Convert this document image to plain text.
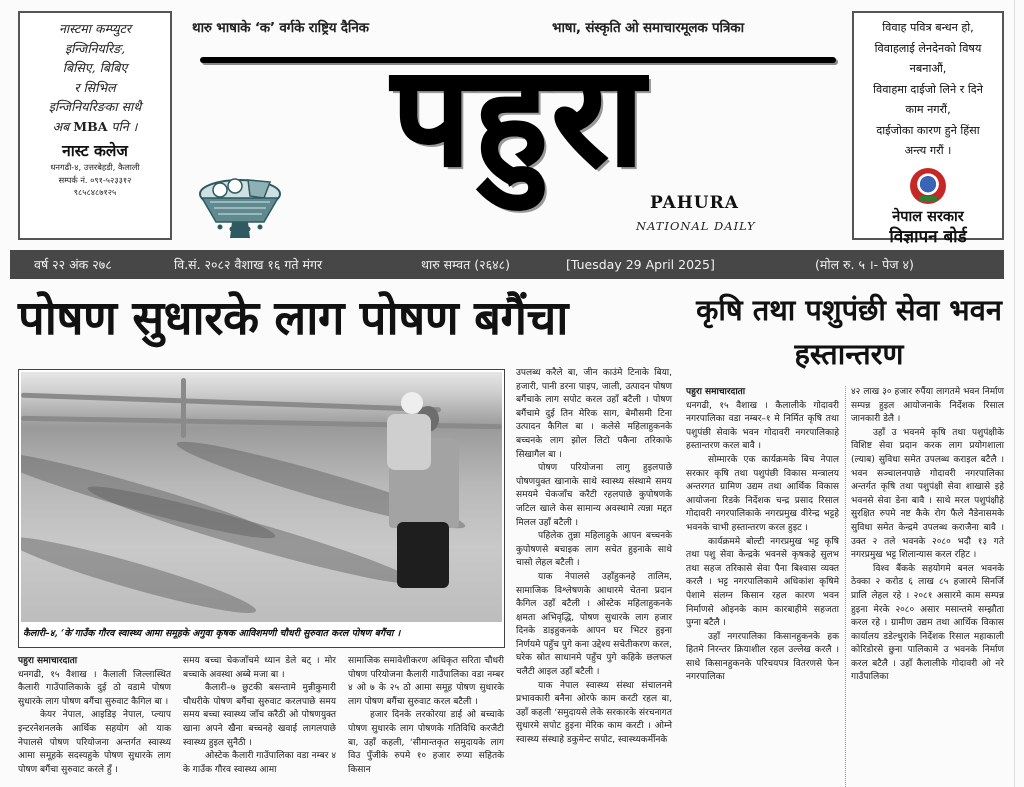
नास्टमा कम्प्युटर
इन्जिनियरिङ,
बिसिए, बिबिए
र सिभिल
इन्जिनियरिङका साथै
अब MBA पनि ।
नास्ट कलेज
धनगढी-४, उत्तरबेहडी, कैलाली
सम्पर्क नं. ०९१-५२३३१२
९८५८४८७१२५
विवाह पवित्र बन्धन हो,
विवाहलाई लेनदेनको विषय
नबनाऔं,
विवाहमा दाईजो लिने र दिने
काम नगरौं,
दाईजोका कारण हुने हिंसा
अन्त्य गरौं ।
नेपाल सरकार
विज्ञापन बोर्ड
थारु भाषाके ‘क’ वर्गके राष्ट्रिय दैनिक	भाषा, संस्कृति ओ समाचारमूलक पत्रिका
पहुरा
PAHURA
NATIONAL DAILY
वर्ष २२ अंक २७८	वि.सं. २०८२ वैशाख १६ गते मंगर	थारु सम्वत (२६४८)	[Tuesday 29 April 2025]	(मोल रु. ५ ।- पेज ४)
पोषण सुधारके लाग पोषण बगैंचा	कृषि तथा पशुपंछी सेवा भवन हस्तान्तरण
कैलारी–४, ‘के’गाउँक गौरव स्वास्थ्य आमा समूहके अगुवा कृषक आविशमणी चौधरी सुरुवात करल पोषण बगैंचा ।

पहुरा समाचारदाता

धनगढी, १५ वैशाख । कैलाली जिल्लास्थित कैलारी गाउँपालिकाके दुई ठो वडामे पोषण सुधारके लाग पोषण बगैंचा सुरुवाट कैगिल बा ।

केयर नेपाल, आइडिइ नेपाल, प्ल्याप इन्टरनेशनलके आर्थिक सहयोग ओ याक नेपालसे पोषण परियोजना अन्तर्गत स्वास्थ्य आमा समूहके सदस्यहुके पोषण सुधारके लाग पोषण बगैंचा सुरुवाट करले हुँ ।

समय बच्चा चेकजाँचमे ध्यान डेले बट् । मोर बच्चाके अवस्था अब्बे मजा बा ।

कैलारी–७ छुटकी बसन्तामे मुन्नीकुमारी चौधरीके पोषण बगैंचा सुरुवाट करलपाछे समय समय बच्चा स्वास्थ्य जाँच करैठी ओ पोषणयुक्त खाना अपने खैना बच्चनहे खवाई लागलपाछे स्वास्थ्य हुइल सुनैठी ।

ओस्टेक कैलारी गाउँपालिका वडा नम्बर ४ के गाउँक गौरव स्वास्थ्य आमा

सामाजिक समावेशीकरण अधिकृत सरिता चौधरी पोषण परियोजना कैलारी गाउँपालिका वडा नम्बर ४ ओ ७ के २५ ठो आमा समूह पोषण सुधारके लाग पोषण बगैंचा सुरुवाट करल बटैली ।

हजार दिनके लरकोरया डाई ओ बच्चाके पोषण सुधारके लाग पोषणके गतिविधि करजैटी बा, उहाँ कहली, ‘सीमान्तकृत समुदायके लाग विउ पुँजीके रुपमे १० हजार रुप्या सहितके किसान

उपलब्ध करैले बा, जीन काउंमे टिनाके बिया, हजारी, पानी डरना पाइप, जाली, उत्पादन पोषण बगैंचाके लाग सपोट करल उहाँ बटैली । पोषण बगैंचामे दुई तिन मेरिक साग, बेमौसमी टिना उत्पादन कैगिल बा । कलेसे महिलाहुकनके बच्चनके लाग झोल लिटो पकैना तरिकाफे सिखागैल बा ।

पोषण परियोजना लागु हुइलपाछे पोषणयुक्त खानाके साथे स्वास्थ्य संस्थामे समय समयमे चेकजाँच करैटी रहलपाछे कुपोषणके जटिल खाले केस सामान्य अवस्थामे त्यन्ना मद्दत मिलल उहाँ बटैली ।

पहिलेक तुन्ना महिलाहुके आपन बच्चनके कुपोषणसे बचाइक लाग सचेत हुइनाके साथे चासो लेहल बटैली ।

याक नेपालसे उहाँहुकनहे तालिम, सामाजिक विश्लेषणके आधारमे चेतना प्रदान कैगिल उहाँ बटैली । ओस्टेक महिलाहुकनके क्षमता अभिवृद्धि, पोषण सुधारके लाग हजार दिनके डाइहुकनके आपन घर भिटर हुइना निर्णयमे पहुँच पुगे कना उद्देश्य सचेतीकरण करल, घरेक स्रोत साधानमे पहुँच पुगे कहिके छलफल चलैटी आइल उहाँ बटैली ।

याक नेपाल स्वास्थ्य संस्था संचालनमे प्रभावकारी बनैना ओरफे काम करटी रहल बा, उहाँ कहली ‘समुदायसे लेके सरकारके संरचनागत सुधारमे सपोट हुइना मेरिक काम करटी । ओम्ने स्वास्थ्य संस्थाहे डकुमेन्ट सपोट, स्वास्थ्यकर्मीनके

पहुरा समाचारदाता

धनगढी, १५ वैशाख । कैलालीके गोदावरी नगरपालिका वडा नम्बर–१ मे निर्मित कृषि तथा पशुपंछी सेवाके भवन गोदावरी नगरपालिकाहे हस्तान्तरण करल बावै ।

सोम्मारके एक कार्यक्रमके बिच नेपाल सरकार कृषि तथा पशुपंछी विकास मन्त्रालय अन्तरगत ग्रामिण उद्यम तथा आर्थिक विकास आयोजना रिडके निर्देशक चन्द्र प्रसाद रिसाल गोदावरी नगरपालिकाके नगरप्रमुख वीरेन्द्र भट्टहे भवनके चाभी हस्तान्तरण करल हुइट ।

कार्यक्रममे बोल्टी नगरप्रमुख भट्ट कृषि तथा पशु सेवा केन्द्रके भवनसे कृषकहे सुलभ तथा सहज तरिकासे सेवा पैना बिश्वास व्यक्त करलै । भट्ट नगरपालिकामे अधिकांश कृषिमे पेशामे संलग्न किसान रहल कारण भवन निर्माणसे ओइनके काम कारबाहीमे सहजता पुग्ना बटैलै ।

उहाँ नगरपालिका किसानहुकनके हक हितमे निरन्तर क्रियाशील रहल उल्लेख करलै । साथे किसानहुकनके परिचयपत्र वितरणसे फेन नगरपालिका

४२ लाख ३० हजार रुपैंया लागतमे भवन निर्माण सम्पन्न हुइल आयोजनाके निर्देशक रिसाल जानकारी डेलै ।

उहाँ उ भवनमे कृषि तथा पशुपंक्षीके विशिष्ट सेवा प्रदान करक लाग प्रयोगशाला (ल्याब) सुविधा समेत उपलब्ध कराइल बटैलै । भवन सञ्चालनपाछे गोदावरी नगरपालिका अन्तर्गत कृषि तथा पशुपंक्षी सेवा शाखासे इहे भवनसे सेवा डेना बावै । साथे मरल पशुपंक्षीहे सुरक्षित रुपमे नष्ट कैके रोग फैले नैडेनासमके सुविधा समेत केन्द्रमे उपलब्ध कराजैना बावै । उक्त २ तले भवनके २०८० भदौ १३ गते नगरप्रमुख भट्ट शिलान्यास करल रहिट ।

विश्व बैंकके सहयोगमे बनल भवनके ठेक्का २ करोड ६ लाख ८५ हजारमे सिनर्जि प्रालि लेहल रहे । २०८१ असारमे काम सम्पन्न हुइना मेरके २०८० असार मसान्तमे सम्झौता करल रहे । ग्रामीण उद्यम तथा आर्थिक विकास कार्यालय डडेल्धुराके निर्देशक रिसाल महाकाली कोरिडोरसे छुना पालिकामे उ भवनके निर्माण करल बटैलै । उहाँ कैलालीके गोदावरी ओ नरे गाउँपालिका
